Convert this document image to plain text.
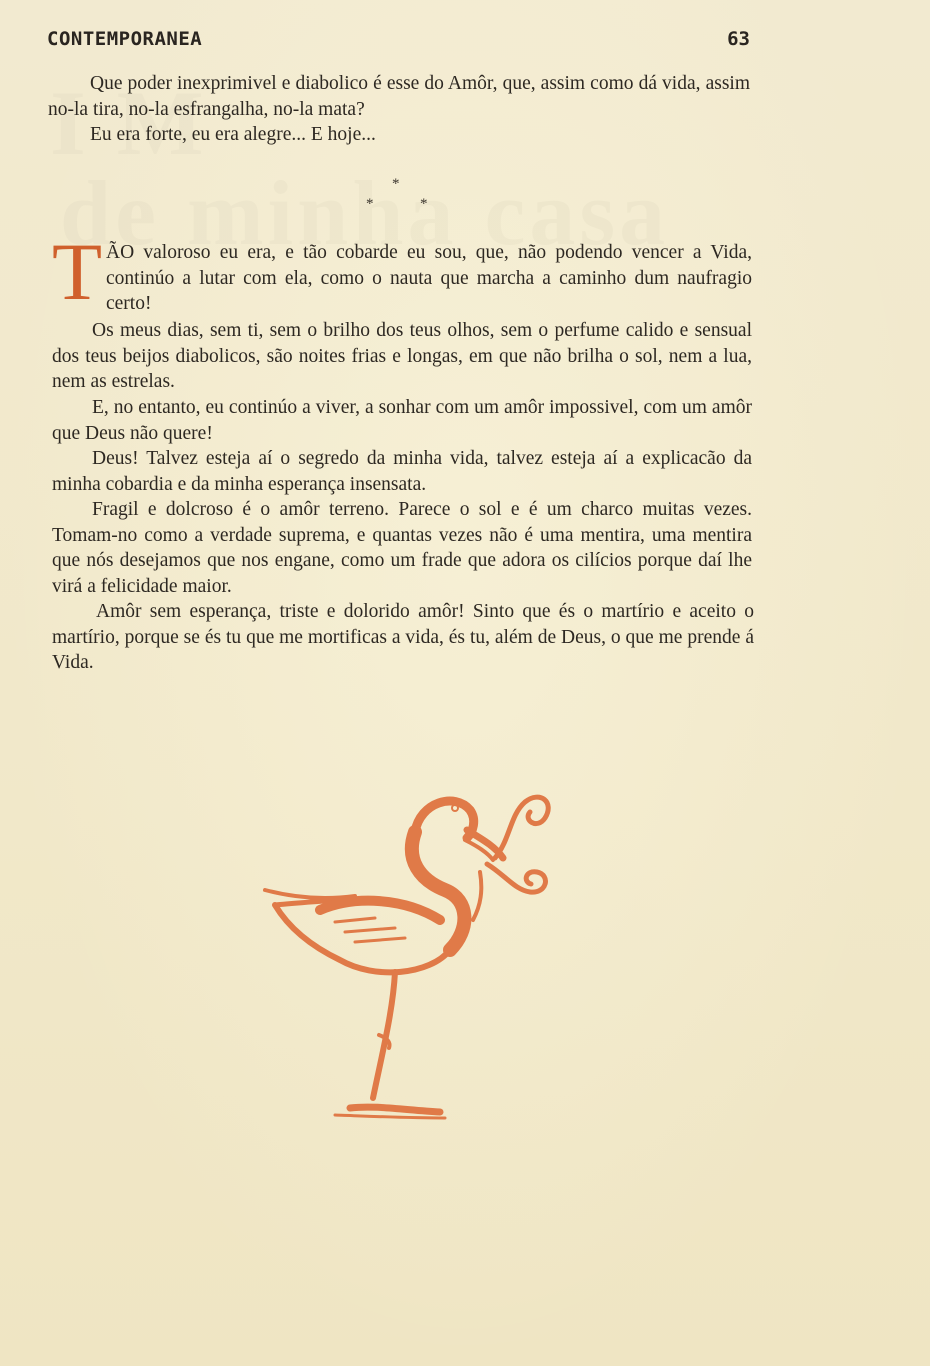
CONTEMPORANEA	63

Que poder inexprimivel e diabolico é esse do Amôr, que, assim como dá vida, assim no-la tira, no-la esfrangalha, no-la mata?

Eu era forte, eu era alegre... E hoje...

*
*	*
T ÃO valoroso eu era, e tão cobarde eu sou, que, não podendo vencer a Vida, continúo a lutar com ela, como o nauta que marcha a caminho dum naufragio certo!

Os meus dias, sem ti, sem o brilho dos teus olhos, sem o perfume calido e sensual dos teus beijos diabolicos, são noites frias e longas, em que não brilha o sol, nem a lua, nem as estrelas.

E, no entanto, eu continúo a viver, a sonhar com um amôr impossivel, com um amôr que Deus não quere!

Deus! Talvez esteja aí o segredo da minha vida, talvez esteja aí a explicacão da minha cobardia e da minha esperança insensata.

Fragil e dolcroso é o amôr terreno. Parece o sol e é um charco muitas vezes. Tomam-no como a verdade suprema, e quantas vezes não é uma mentira, uma mentira que nós desejamos que nos engane, como um frade que adora os cilícios porque daí lhe virá a felicidade maior.

Amôr sem esperança, triste e dolorido amôr! Sinto que és o martírio e aceito o martírio, porque se és tu que me mortificas a vida, és tu, além de Deus, o que me prende á Vida.
